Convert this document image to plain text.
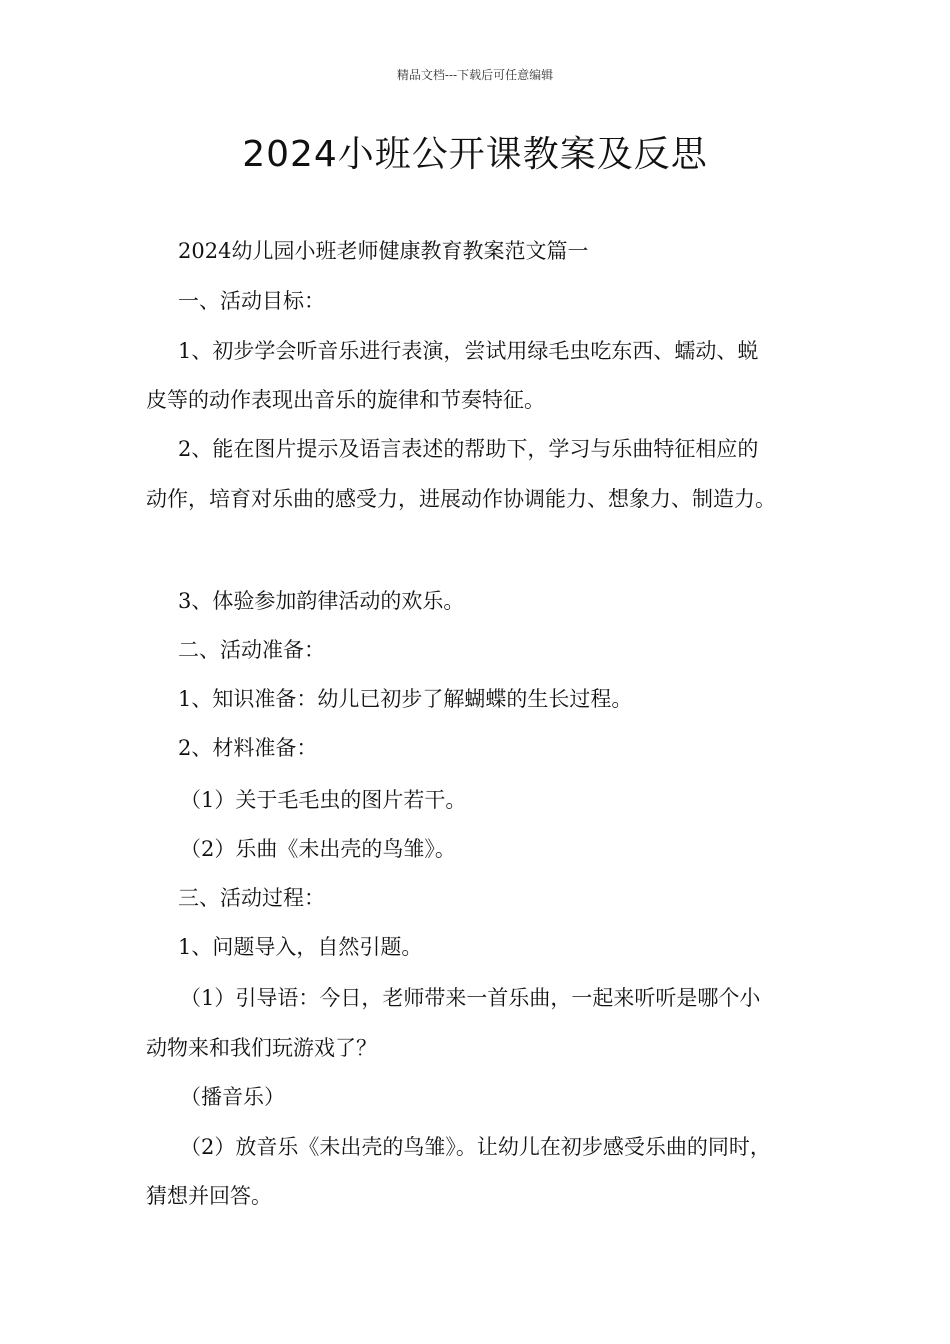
精品文档---下载后可任意编辑
2024小班公开课教案及反思
2024幼儿园小班老师健康教育教案范文篇一
一、活动目标：
1、初步学会听音乐进行表演，尝试用绿毛虫吃东西、蠕动、蜕
皮等的动作表现出音乐的旋律和节奏特征。
2、能在图片提示及语言表述的帮助下，学习与乐曲特征相应的
动作，培育对乐曲的感受力，进展动作协调能力、想象力、制造力。
3、体验参加韵律活动的欢乐。
二、活动准备：
1、知识准备：幼儿已初步了解蝴蝶的生长过程。
2、材料准备：
（1）关于毛毛虫的图片若干。
（2）乐曲《未出壳的鸟雏》。
三、活动过程：
1、问题导入，自然引题。
（1）引导语：今日，老师带来一首乐曲，一起来听听是哪个小
动物来和我们玩游戏了？
（播音乐）
（2）放音乐《未出壳的鸟雏》。让幼儿在初步感受乐曲的同时，
猜想并回答。
